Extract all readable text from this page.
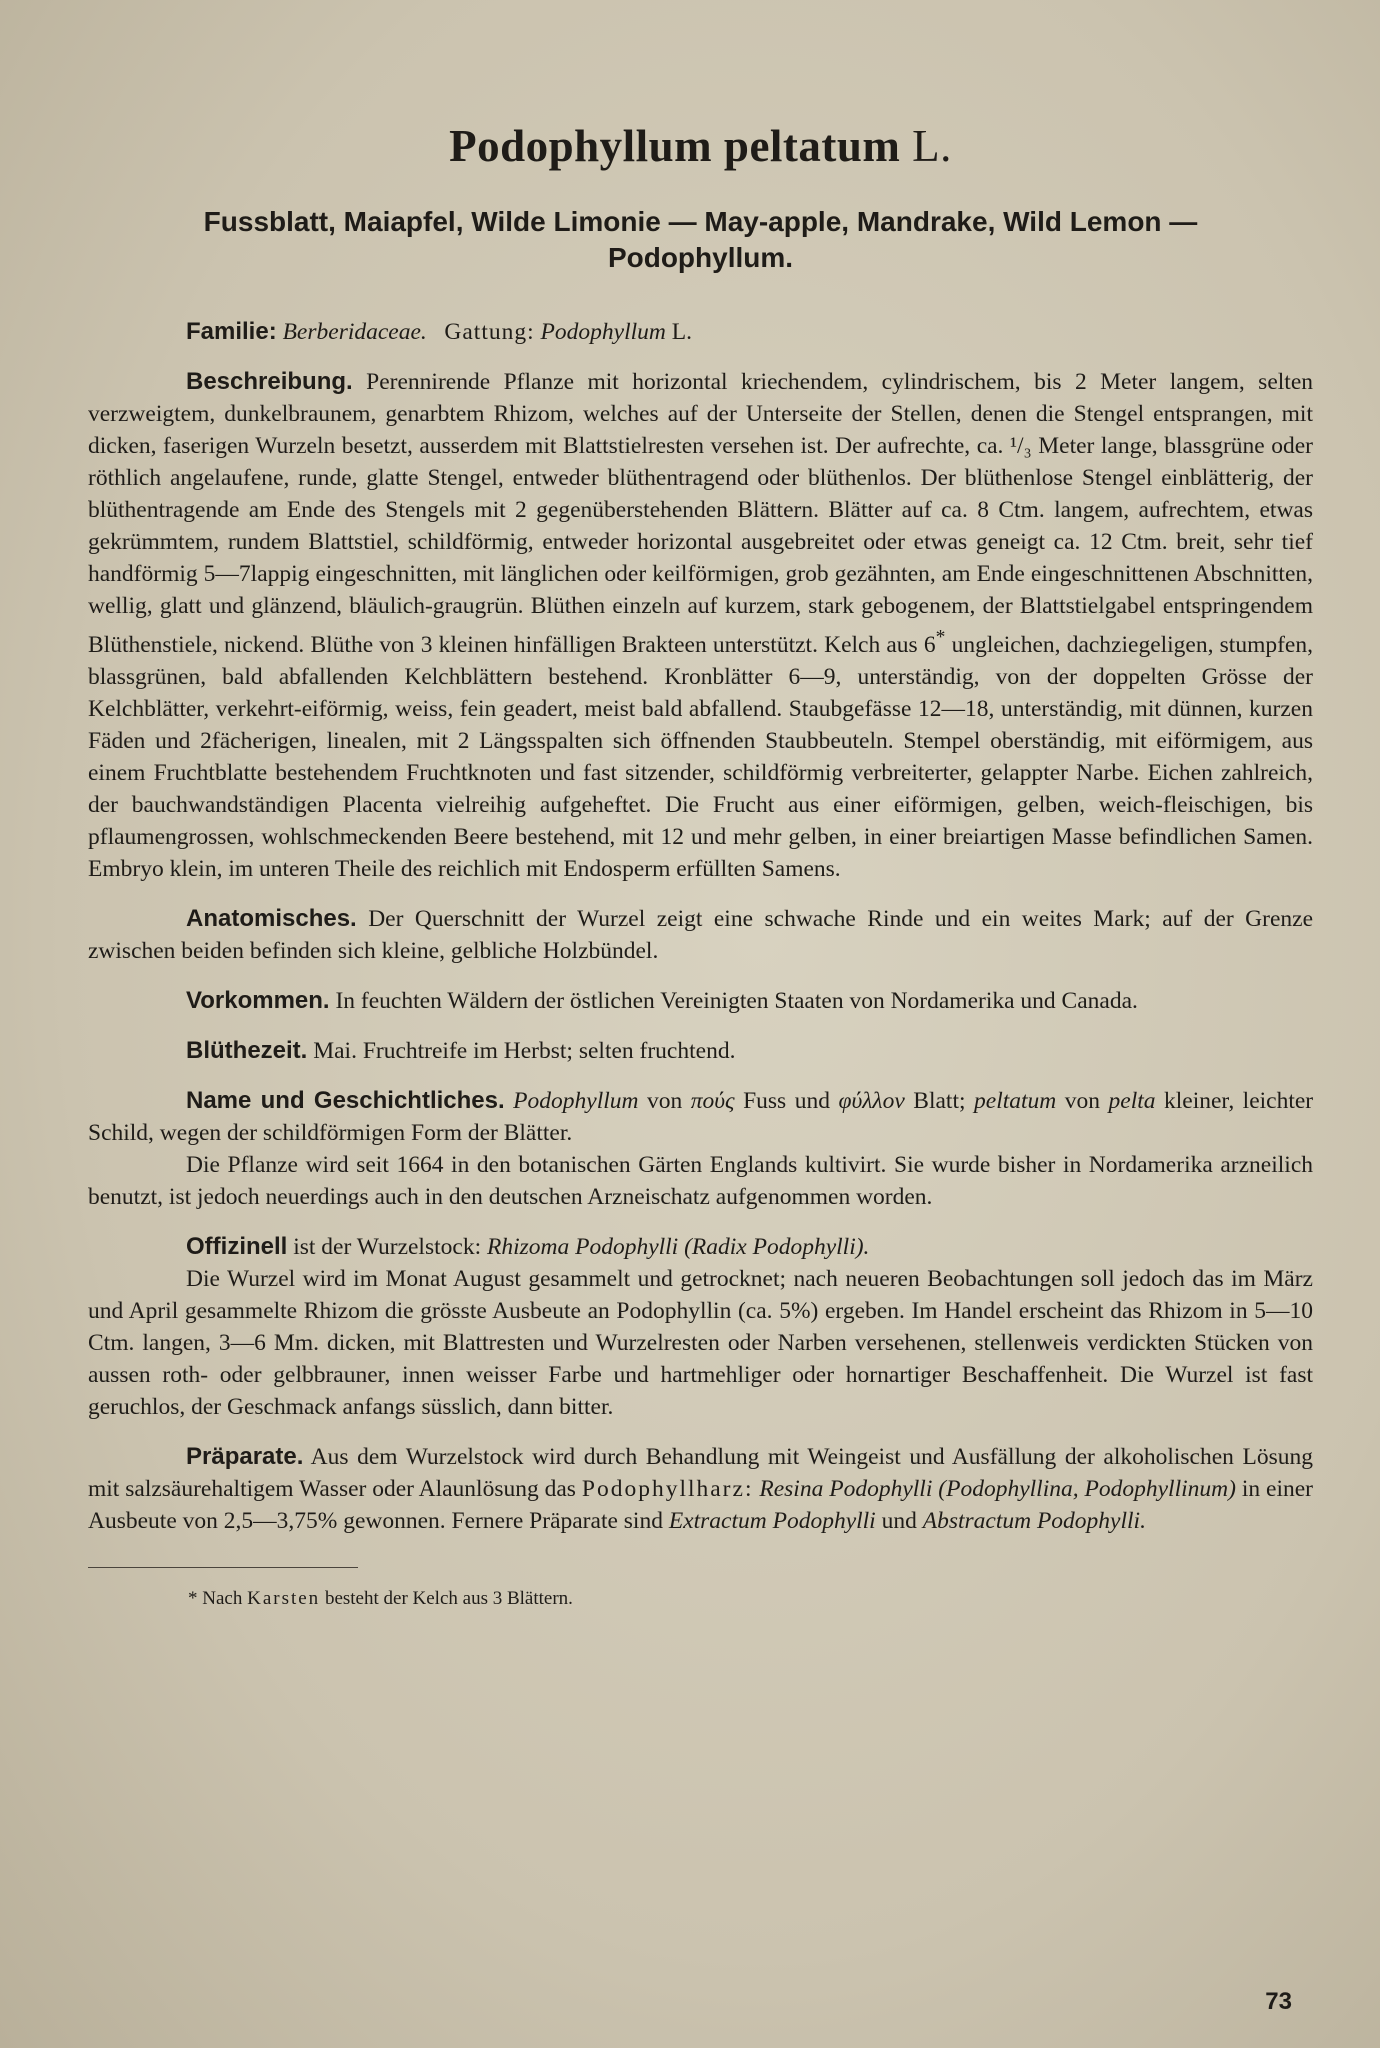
Podophyllum peltatum L.
Fussblatt, Maiapfel, Wilde Limonie — May-apple, Mandrake, Wild Lemon — Podophyllum.

Familie: Berberidaceae. Gattung: Podophyllum L.

Beschreibung. Perennirende Pflanze mit horizontal kriechendem, cylindrischem, bis 2 Meter langem, selten verzweigtem, dunkelbraunem, genarbtem Rhizom, welches auf der Unterseite der Stellen, denen die Stengel entsprangen, mit dicken, faserigen Wurzeln besetzt, ausserdem mit Blattstielresten versehen ist. Der aufrechte, ca. ¹/₃ Meter lange, blassgrüne oder röthlich angelaufene, runde, glatte Stengel, entweder blüthentragend oder blüthenlos. Der blüthenlose Stengel einblätterig, der blüthentragende am Ende des Stengels mit 2 gegenüberstehenden Blättern. Blätter auf ca. 8 Ctm. langem, aufrechtem, etwas gekrümmtem, rundem Blattstiel, schildförmig, entweder horizontal ausgebreitet oder etwas geneigt ca. 12 Ctm. breit, sehr tief handförmig 5—7lappig eingeschnitten, mit länglichen oder keilförmigen, grob gezähnten, am Ende eingeschnittenen Abschnitten, wellig, glatt und glänzend, bläulich-graugrün. Blüthen einzeln auf kurzem, stark gebogenem, der Blattstielgabel entspringendem Blüthenstiele, nickend. Blüthe von 3 kleinen hinfälligen Brakteen unterstützt. Kelch aus 6* ungleichen, dachziegeligen, stumpfen, blassgrünen, bald abfallenden Kelchblättern bestehend. Kronblätter 6—9, unterständig, von der doppelten Grösse der Kelchblätter, verkehrt-eiförmig, weiss, fein geadert, meist bald abfallend. Staubgefässe 12—18, unterständig, mit dünnen, kurzen Fäden und 2fächerigen, linealen, mit 2 Längsspalten sich öffnenden Staubbeuteln. Stempel oberständig, mit eiförmigem, aus einem Fruchtblatte bestehendem Fruchtknoten und fast sitzender, schildförmig verbreiterter, gelappter Narbe. Eichen zahlreich, der bauchwandständigen Placenta vielreihig aufgeheftet. Die Frucht aus einer eiförmigen, gelben, weich-fleischigen, bis pflaumengrossen, wohlschmeckenden Beere bestehend, mit 12 und mehr gelben, in einer breiartigen Masse befindlichen Samen. Embryo klein, im unteren Theile des reichlich mit Endosperm erfüllten Samens.

Anatomisches. Der Querschnitt der Wurzel zeigt eine schwache Rinde und ein weites Mark; auf der Grenze zwischen beiden befinden sich kleine, gelbliche Holzbündel.

Vorkommen. In feuchten Wäldern der östlichen Vereinigten Staaten von Nordamerika und Canada.

Blüthezeit. Mai. Fruchtreife im Herbst; selten fruchtend.

Name und Geschichtliches. Podophyllum von πούς Fuss und φύλλον Blatt; peltatum von pelta kleiner, leichter Schild, wegen der schildförmigen Form der Blätter.

Die Pflanze wird seit 1664 in den botanischen Gärten Englands kultivirt. Sie wurde bisher in Nordamerika arzneilich benutzt, ist jedoch neuerdings auch in den deutschen Arzneischatz aufgenommen worden.

Offizinell ist der Wurzelstock: Rhizoma Podophylli (Radix Podophylli).

Die Wurzel wird im Monat August gesammelt und getrocknet; nach neueren Beobachtungen soll jedoch das im März und April gesammelte Rhizom die grösste Ausbeute an Podophyllin (ca. 5%) ergeben. Im Handel erscheint das Rhizom in 5—10 Ctm. langen, 3—6 Mm. dicken, mit Blattresten und Wurzelresten oder Narben versehenen, stellenweis verdickten Stücken von aussen roth- oder gelbbrauner, innen weisser Farbe und hartmehliger oder hornartiger Beschaffenheit. Die Wurzel ist fast geruchlos, der Geschmack anfangs süsslich, dann bitter.

Präparate. Aus dem Wurzelstock wird durch Behandlung mit Weingeist und Ausfällung der alkoholischen Lösung mit salzsäurehaltigem Wasser oder Alaunlösung das Podophyllharz: Resina Podophylli (Podophyllina, Podophyllinum) in einer Ausbeute von 2,5—3,75% gewonnen. Fernere Präparate sind Extractum Podophylli und Abstractum Podophylli.

* Nach Karsten besteht der Kelch aus 3 Blättern.
73
